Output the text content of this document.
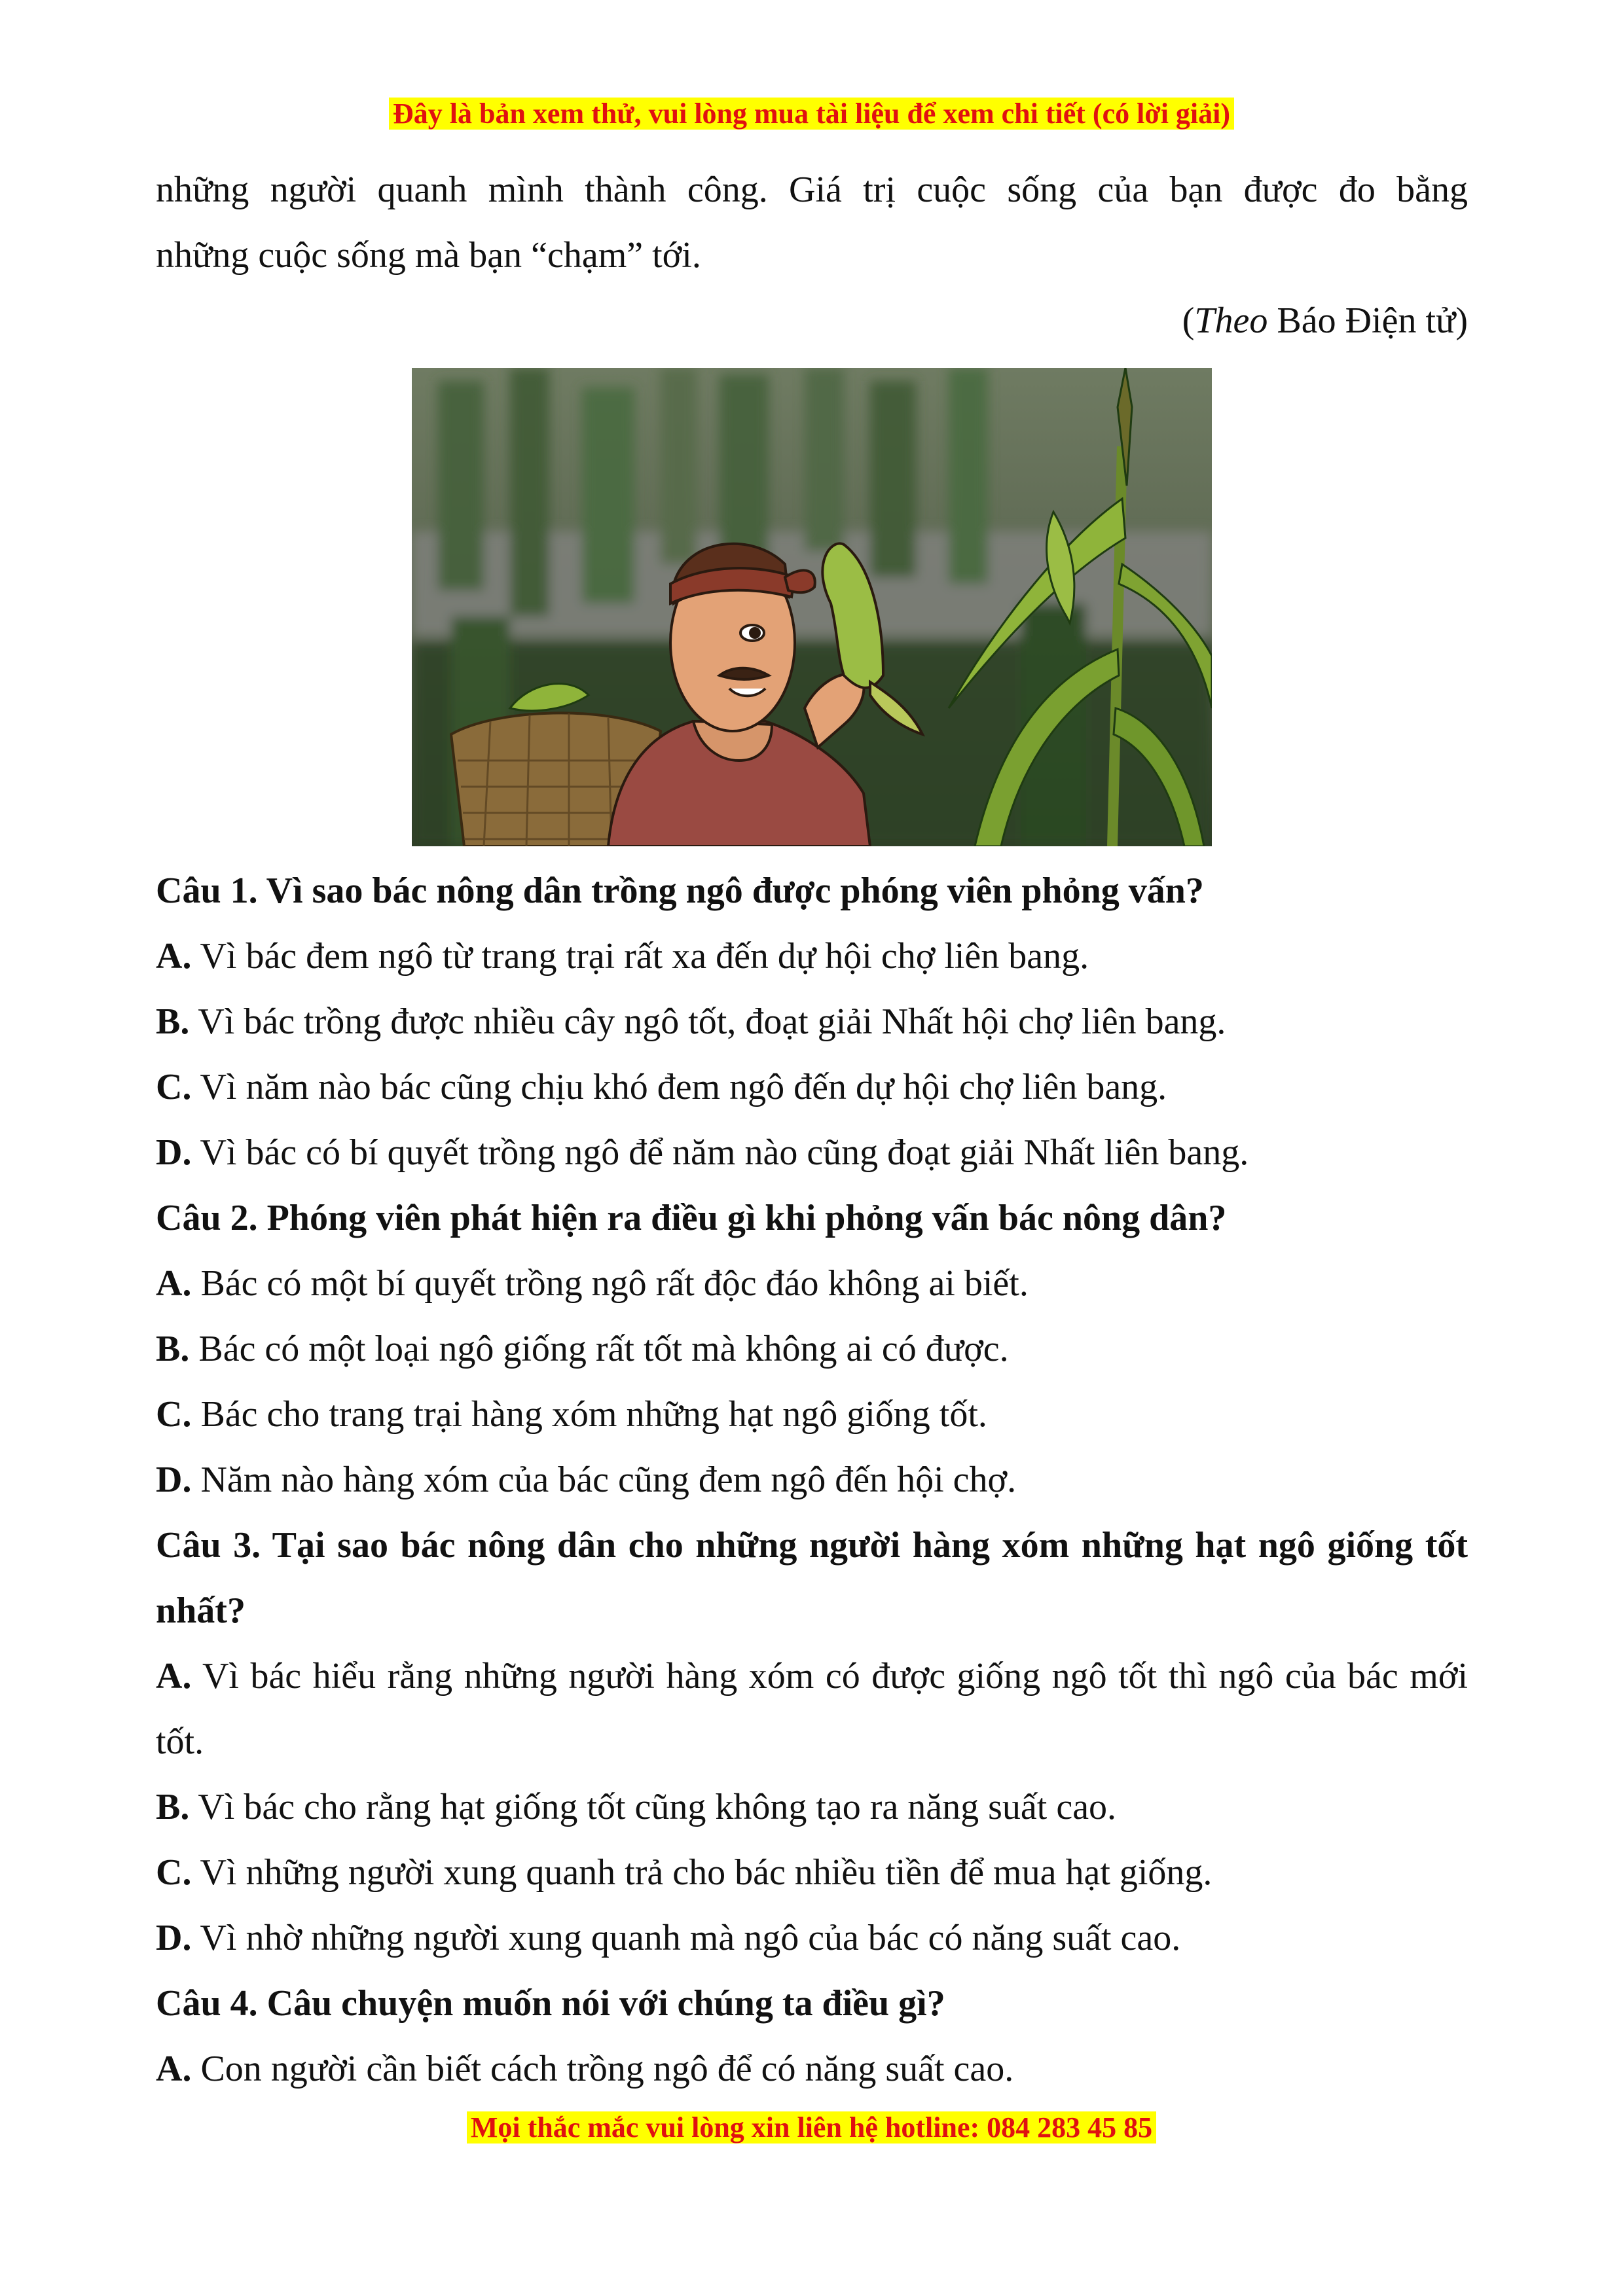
Đây là bản xem thử, vui lòng mua tài liệu để xem chi tiết (có lời giải)

những người quanh mình thành công. Giá trị cuộc sống của bạn được đo bằng

những cuộc sống mà bạn “chạm” tới.

(Theo Báo Điện tử)

Câu 1. Vì sao bác nông dân trồng ngô được phóng viên phỏng vấn?

A. Vì bác đem ngô từ trang trại rất xa đến dự hội chợ liên bang.

B. Vì bác trồng được nhiều cây ngô tốt, đoạt giải Nhất hội chợ liên bang.

C. Vì năm nào bác cũng chịu khó đem ngô đến dự hội chợ liên bang.

D. Vì bác có bí quyết trồng ngô để năm nào cũng đoạt giải Nhất liên bang.

Câu 2. Phóng viên phát hiện ra điều gì khi phỏng vấn bác nông dân?

A. Bác có một bí quyết trồng ngô rất độc đáo không ai biết.

B. Bác có một loại ngô giống rất tốt mà không ai có được.

C. Bác cho trang trại hàng xóm những hạt ngô giống tốt.

D. Năm nào hàng xóm của bác cũng đem ngô đến hội chợ.

Câu 3. Tại sao bác nông dân cho những người hàng xóm những hạt ngô giống tốt nhất?

A. Vì bác hiểu rằng những người hàng xóm có được giống ngô tốt thì ngô của bác mới tốt.

B. Vì bác cho rằng hạt giống tốt cũng không tạo ra năng suất cao.

C. Vì những người xung quanh trả cho bác nhiều tiền để mua hạt giống.

D. Vì nhờ những người xung quanh mà ngô của bác có năng suất cao.

Câu 4. Câu chuyện muốn nói với chúng ta điều gì?

A. Con người cần biết cách trồng ngô để có năng suất cao.

Mọi thắc mắc vui lòng xin liên hệ hotline: 084 283 45 85
